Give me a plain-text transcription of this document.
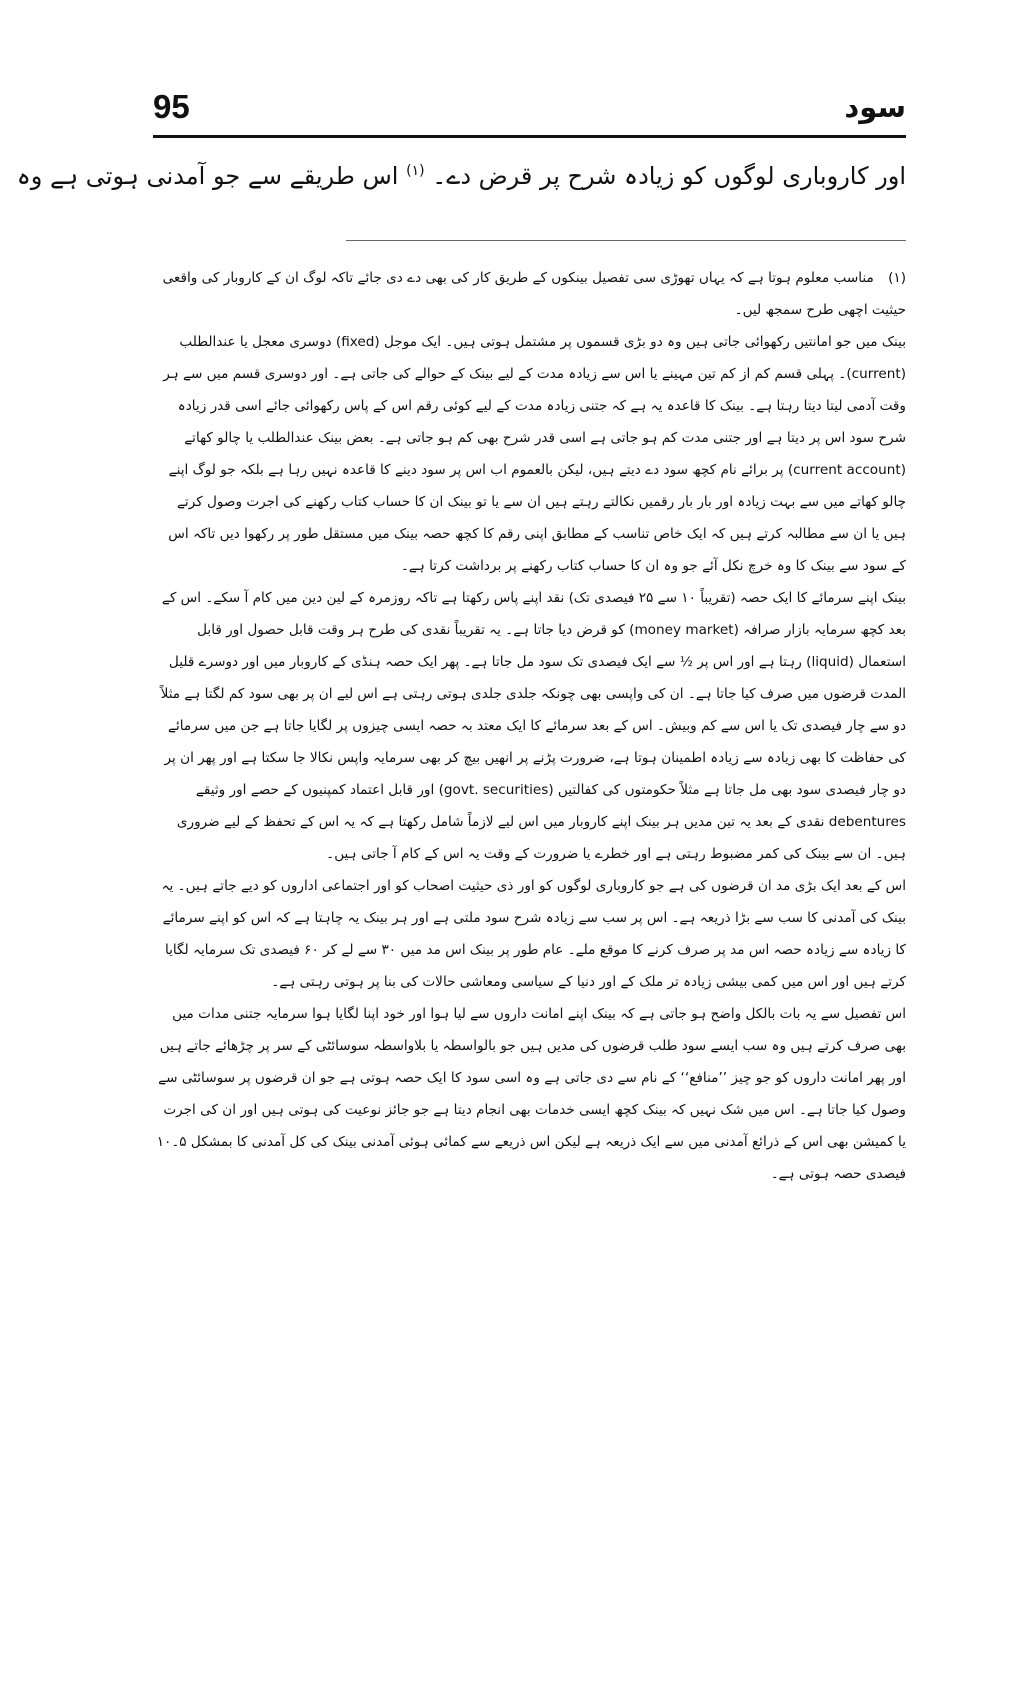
95	سود
اور کاروباری لوگوں کو زیادہ شرح پر قرض دے۔ $^{(۱)}$ اس طریقے سے جو آمدنی ہوتی ہے وہ

(۱) مناسب معلوم ہوتا ہے کہ یہاں تھوڑی سی تفصیل بینکوں کے طریق کار کی بھی دے دی جائے تاکہ لوگ ان کے کاروبار کی واقعی حیثیت اچھی طرح سمجھ لیں۔

بینک میں جو امانتیں رکھوائی جاتی ہیں وہ دو بڑی قسموں پر مشتمل ہوتی ہیں۔ ایک موجل (fixed) دوسری معجل یا عندالطلب (current)۔ پہلی قسم کم از کم تین مہینے یا اس سے زیادہ مدت کے لیے بینک کے حوالے کی جاتی ہے۔ اور دوسری قسم میں سے ہر وقت آدمی لیتا دیتا رہتا ہے۔ بینک کا قاعدہ یہ ہے کہ جتنی زیادہ مدت کے لیے کوئی رقم اس کے پاس رکھوائی جائے اسی قدر زیادہ شرح سود اس پر دیتا ہے اور جتنی مدت کم ہو جاتی ہے اسی قدر شرح بھی کم ہو جاتی ہے۔ بعض بینک عندالطلب یا چالو کھاتے (current account) پر برائے نام کچھ سود دے دیتے ہیں، لیکن بالعموم اب اس پر سود دینے کا قاعدہ نہیں رہا ہے بلکہ جو لوگ اپنے چالو کھاتے میں سے بہت زیادہ اور بار بار رقمیں نکالتے رہتے ہیں ان سے یا تو بینک ان کا حساب کتاب رکھنے کی اجرت وصول کرتے ہیں یا ان سے مطالبہ کرتے ہیں کہ ایک خاص تناسب کے مطابق اپنی رقم کا کچھ حصہ بینک میں مستقل طور پر رکھوا دیں تاکہ اس کے سود سے بینک کا وہ خرچ نکل آئے جو وہ ان کا حساب کتاب رکھنے پر برداشت کرتا ہے۔

بینک اپنے سرمائے کا ایک حصہ (تقریباً ۱۰ سے ۲۵ فیصدی تک) نقد اپنے پاس رکھتا ہے تاکہ روزمرہ کے لین دین میں کام آ سکے۔ اس کے بعد کچھ سرمایہ بازار صرافہ (money market) کو قرض دیا جاتا ہے۔ یہ تقریباً نقدی کی طرح ہر وقت قابل حصول اور قابل استعمال (liquid) رہتا ہے اور اس پر ½ سے ایک فیصدی تک سود مل جاتا ہے۔ پھر ایک حصہ ہنڈی کے کاروبار میں اور دوسرے قلیل المدت قرضوں میں صرف کیا جاتا ہے۔ ان کی واپسی بھی چونکہ جلدی جلدی ہوتی رہتی ہے اس لیے ان پر بھی سود کم لگتا ہے مثلاً دو سے چار فیصدی تک یا اس سے کم وبیش۔ اس کے بعد سرمائے کا ایک معتد بہ حصہ ایسی چیزوں پر لگایا جاتا ہے جن میں سرمائے کی حفاظت کا بھی زیادہ سے زیادہ اطمینان ہوتا ہے، ضرورت پڑنے پر انھیں بیچ کر بھی سرمایہ واپس نکالا جا سکتا ہے اور پھر ان پر دو چار فیصدی سود بھی مل جاتا ہے مثلاً حکومتوں کی کفالتیں (govt. securities) اور قابل اعتماد کمپنیوں کے حصے اور وثیقے debentures نقدی کے بعد یہ تین مدیں ہر بینک اپنے کاروبار میں اس لیے لازماً شامل رکھتا ہے کہ یہ اس کے تحفظ کے لیے ضروری ہیں۔ ان سے بینک کی کمر مضبوط رہتی ہے اور خطرے یا ضرورت کے وقت یہ اس کے کام آ جاتی ہیں۔

اس کے بعد ایک بڑی مد ان قرضوں کی ہے جو کاروباری لوگوں کو اور ذی حیثیت اصحاب کو اور اجتماعی اداروں کو دیے جاتے ہیں۔ یہ بینک کی آمدنی کا سب سے بڑا ذریعہ ہے۔ اس پر سب سے زیادہ شرح سود ملتی ہے اور ہر بینک یہ چاہتا ہے کہ اس کو اپنے سرمائے کا زیادہ سے زیادہ حصہ اس مد پر صرف کرنے کا موقع ملے۔ عام طور پر بینک اس مد میں ۳۰ سے لے کر ۶۰ فیصدی تک سرمایہ لگایا کرتے ہیں اور اس میں کمی بیشی زیادہ تر ملک کے اور دنیا کے سیاسی ومعاشی حالات کی بنا پر ہوتی رہتی ہے۔

اس تفصیل سے یہ بات بالکل واضح ہو جاتی ہے کہ بینک اپنے امانت داروں سے لیا ہوا اور خود اپنا لگایا ہوا سرمایہ جتنی مدات میں بھی صرف کرتے ہیں وہ سب ایسے سود طلب قرضوں کی مدیں ہیں جو بالواسطہ یا بلاواسطہ سوسائٹی کے سر پر چڑھائے جاتے ہیں اور پھر امانت داروں کو جو چیز ’’منافع‘‘ کے نام سے دی جاتی ہے وہ اسی سود کا ایک حصہ ہوتی ہے جو ان قرضوں پر سوسائٹی سے وصول کیا جاتا ہے۔ اس میں شک نہیں کہ بینک کچھ ایسی خدمات بھی انجام دیتا ہے جو جائز نوعیت کی ہوتی ہیں اور ان کی اجرت یا کمیشن بھی اس کے ذرائع آمدنی میں سے ایک ذریعہ ہے لیکن اس ذریعے سے کمائی ہوئی آمدنی بینک کی کل آمدنی کا بمشکل ۵۔۱۰ فیصدی حصہ ہوتی ہے۔
